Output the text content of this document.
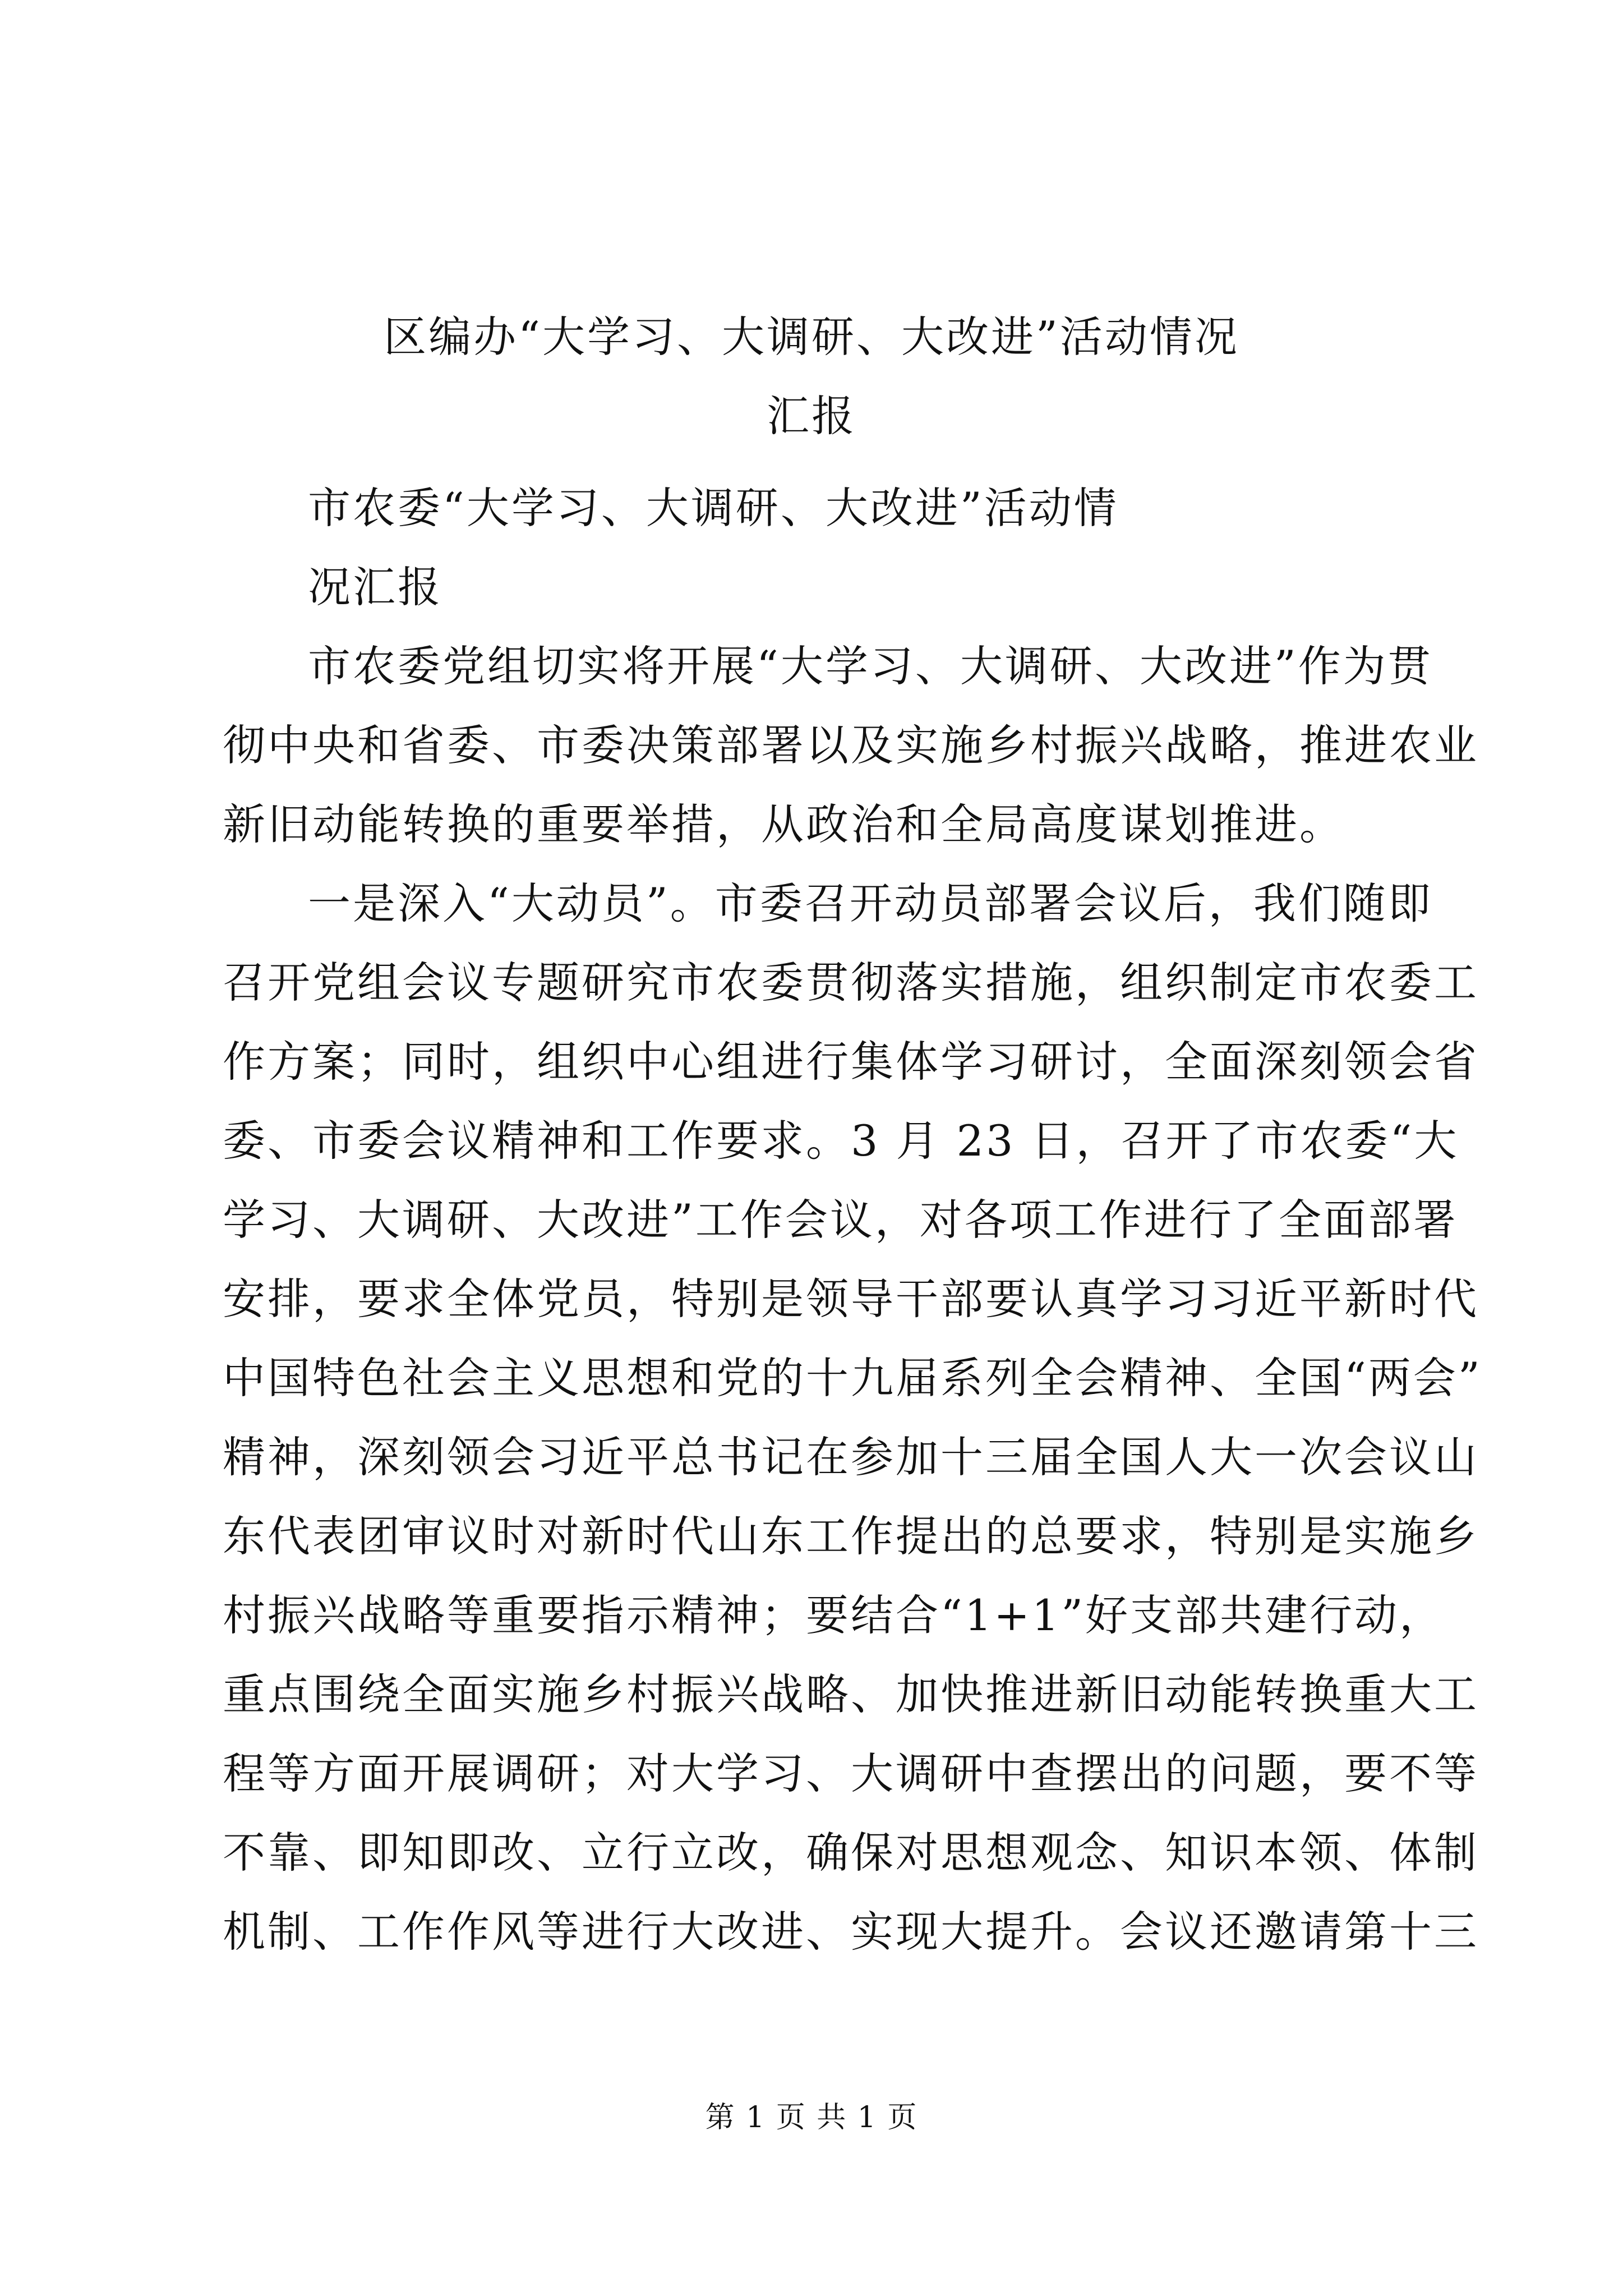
区编办“大学习、大调研、大改进”活动情况
汇报
市农委“大学习、大调研、大改进”活动情
况汇报
市农委党组切实将开展“大学习、大调研、大改进”作为贯
彻中央和省委、市委决策部署以及实施乡村振兴战略，推进农业
新旧动能转换的重要举措，从政治和全局高度谋划推进。
一是深入“大动员”。市委召开动员部署会议后，我们随即
召开党组会议专题研究市农委贯彻落实措施，组织制定市农委工
作方案；同时，组织中心组进行集体学习研讨，全面深刻领会省
委、市委会议精神和工作要求。3 月 23 日，召开了市农委“大
学习、大调研、大改进”工作会议，对各项工作进行了全面部署
安排，要求全体党员，特别是领导干部要认真学习习近平新时代
中国特色社会主义思想和党的十九届系列全会精神、全国“两会”
精神，深刻领会习近平总书记在参加十三届全国人大一次会议山
东代表团审议时对新时代山东工作提出的总要求，特别是实施乡
村振兴战略等重要指示精神；要结合“1+1”好支部共建行动，
重点围绕全面实施乡村振兴战略、加快推进新旧动能转换重大工
程等方面开展调研；对大学习、大调研中查摆出的问题，要不等
不靠、即知即改、立行立改，确保对思想观念、知识本领、体制
机制、工作作风等进行大改进、实现大提升。会议还邀请第十三
第 1 页 共 1 页
